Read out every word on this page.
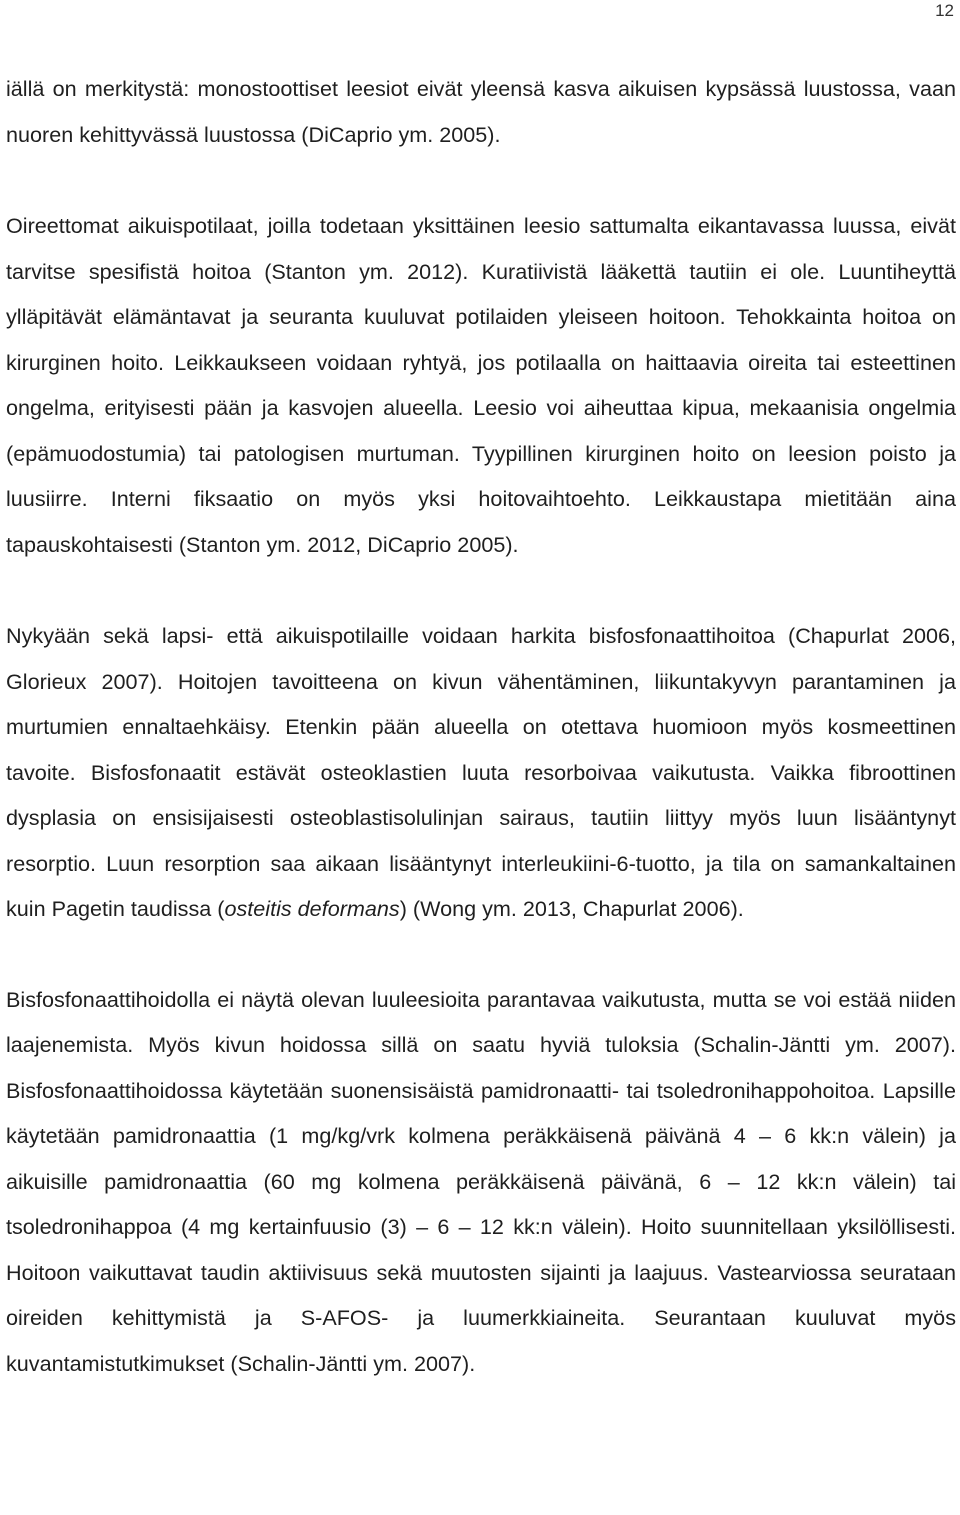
12

iällä on merkitystä: monostoottiset leesiot eivät yleensä kasva aikuisen kypsässä luustossa, vaan nuoren kehittyvässä luustossa (DiCaprio ym. 2005).

Oireettomat aikuispotilaat, joilla todetaan yksittäinen leesio sattumalta eikantavassa luussa, eivät tarvitse spesifistä hoitoa (Stanton ym. 2012). Kuratiivistä lääkettä tautiin ei ole. Luuntiheyttä ylläpitävät elämäntavat ja seuranta kuuluvat potilaiden yleiseen hoitoon. Tehokkainta hoitoa on kirurginen hoito. Leikkaukseen voidaan ryhtyä, jos potilaalla on haittaavia oireita tai esteettinen ongelma, erityisesti pään ja kasvojen alueella. Leesio voi aiheuttaa kipua, mekaanisia ongelmia (epämuodostumia) tai patologisen murtuman. Tyypillinen kirurginen hoito on leesion poisto ja luusiirre. Interni fiksaatio on myös yksi hoitovaihtoehto. Leikkaustapa mietitään aina tapauskohtaisesti (Stanton ym. 2012, DiCaprio 2005).

Nykyään sekä lapsi- että aikuispotilaille voidaan harkita bisfosfonaattihoitoa (Chapurlat 2006, Glorieux 2007). Hoitojen tavoitteena on kivun vähentäminen, liikuntakyvyn parantaminen ja murtumien ennaltaehkäisy. Etenkin pään alueella on otettava huomioon myös kosmeettinen tavoite. Bisfosfonaatit estävät osteoklastien luuta resorboivaa vaikutusta. Vaikka fibroottinen dysplasia on ensisijaisesti osteoblastisolulinjan sairaus, tautiin liittyy myös luun lisääntynyt resorptio. Luun resorption saa aikaan lisääntynyt interleukiini-6-tuotto, ja tila on samankaltainen kuin Pagetin taudissa (osteitis deformans) (Wong ym. 2013, Chapurlat 2006).

Bisfosfonaattihoidolla ei näytä olevan luuleesioita parantavaa vaikutusta, mutta se voi estää niiden laajenemista. Myös kivun hoidossa sillä on saatu hyviä tuloksia (Schalin-Jäntti ym. 2007). Bisfosfonaattihoidossa käytetään suonensisäistä pamidronaatti- tai tsoledronihappohoitoa. Lapsille käytetään pamidronaattia (1 mg/kg/vrk kolmena peräkkäisenä päivänä 4 – 6 kk:n välein) ja aikuisille pamidronaattia (60 mg kolmena peräkkäisenä päivänä, 6 – 12 kk:n välein) tai tsoledronihappoa (4 mg kertainfuusio (3) – 6 – 12 kk:n välein). Hoito suunnitellaan yksilöllisesti. Hoitoon vaikuttavat taudin aktiivisuus sekä muutosten sijainti ja laajuus. Vastearviossa seurataan oireiden kehittymistä ja S-AFOS- ja luumerkkiaineita. Seurantaan kuuluvat myös kuvantamistutkimukset (Schalin-Jäntti ym. 2007).
